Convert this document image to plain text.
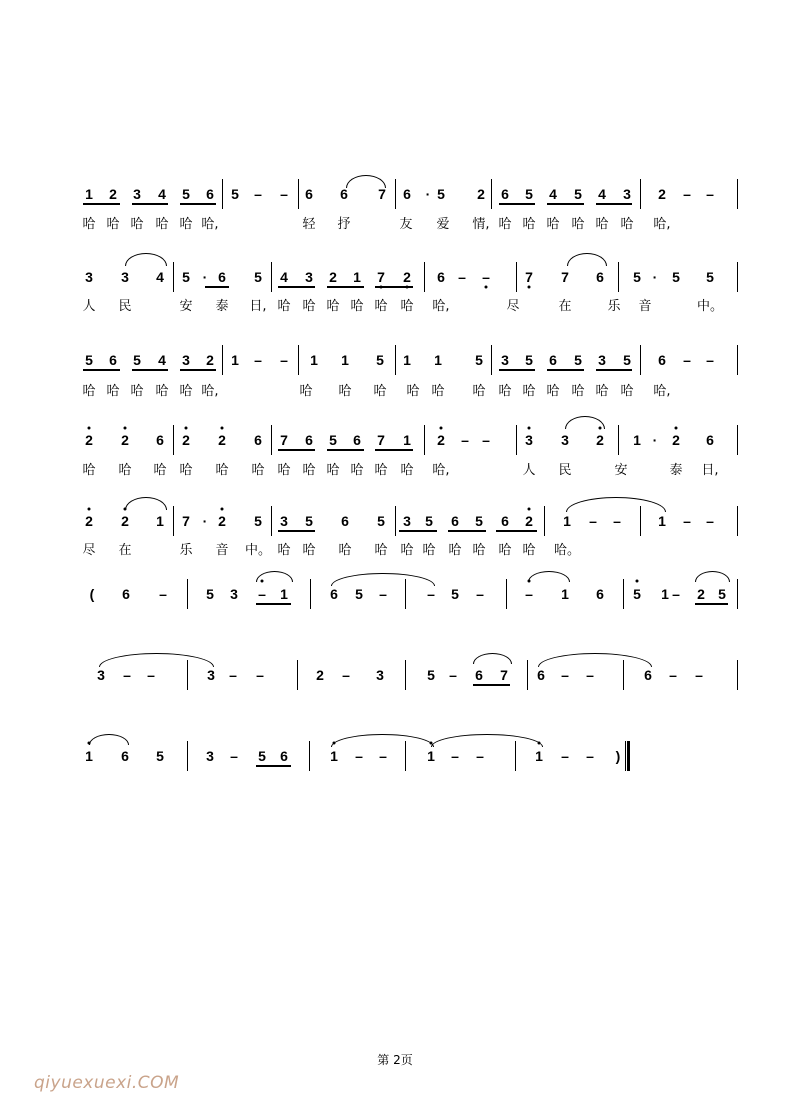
1 2 3 4 5 6 5 – – 6 6 7 6 · 5 2 6 5 4 5 4 3 2 – –
哈 哈 哈 哈 哈 哈,	轻 抒	友 爱 情, 哈 哈 哈 哈 哈 哈 哈,
3 3 4 5 · 6 5 4 3 2 1 7 2 6 – –	7 7 6 5 · 5 5
人 民	安 泰 日, 哈 哈 哈 哈 哈 哈 哈,	尽	在	乐 音	中。
5 6 5 4 3 2 1 – – 1 1 5 1 1 5 3 5 6 5 3 5 6 – –
哈 哈 哈 哈 哈 哈,	哈 哈 哈 哈 哈 哈 哈 哈 哈 哈 哈 哈 哈,
2 2 6 2 2 6 7 6 5 6 7 1 2 – –	3 3 2 1 · 2 6
哈 哈 哈 哈 哈 哈 哈 哈 哈 哈 哈 哈 哈,	人 民	安	泰 日,
2 2 1 7 · 2 5 3 5 6 5 3 5 6 5 6 2 1 – –	1 – –
尽 在	乐 音 中。 哈 哈 哈 哈 哈 哈 哈 哈 哈 哈 哈。
( 6 –	5 3 – 1	6 5 –	– 5 –	– 1 6 5 1 – 2 5
3 – –	3 – –	2 – 3	5 – 6 7 6 – –	6 – –
1 6 5	3 – 5 6	1 – –	1 – –	1 – – )
第 2页
qiyuexuexi.COM
